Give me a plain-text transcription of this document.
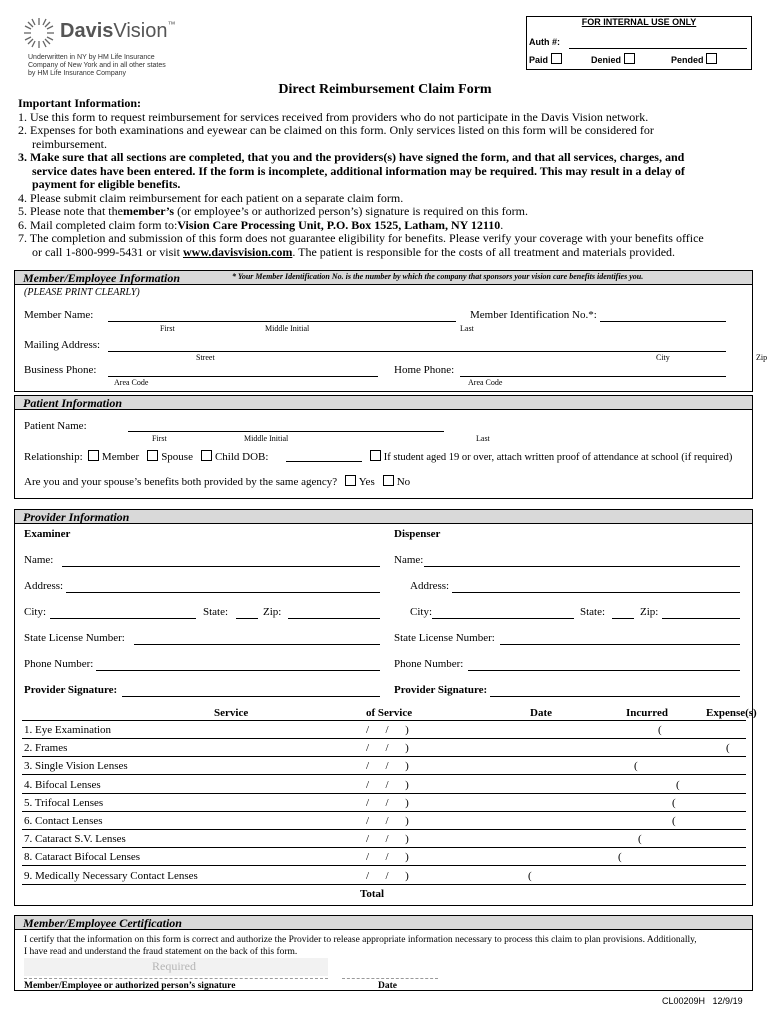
DavisVision™
Underwritten in NY by HM Life Insurance
Company of New York and in all other states
by HM Life Insurance Company
FOR INTERNAL USE ONLY
Auth #:
Paid	Denied	Pended
Direct Reimbursement Claim Form
Important Information:
1. Use this form to request reimbursement for services received from providers who do not participate in the Davis Vision network.
2. Expenses for both examinations and eyewear can be claimed on this form. Only services listed on this form will be considered for
reimbursement.
3. Make sure that all sections are completed, that you and the providers(s) have signed the form, and that all services, charges, and
service dates have been entered. If the form is incomplete, additional information may be required. This may result in a delay of
payment for eligible benefits.
4. Please submit claim reimbursement for each patient on a separate claim form.
5. Please note that themember’s (or employee’s or authorized person’s) signature is required on this form.
6. Mail completed claim form to:Vision Care Processing Unit, P.O. Box 1525, Latham, NY 12110.
7. The completion and submission of this form does not guarantee eligibility for benefits. Please verify your coverage with your benefits office
or call 1-800-999-5431 or visit www.davisvision.com. The patient is responsible for the costs of all treatment and materials provided.
Member/Employee Information	* Your Member Identification No. is the number by which the company that sponsors your vision care benefits identifies you.
(PLEASE PRINT CLEARLY)
Member Name:
First	Middle Initial	Last
Member Identification No.*:
Mailing Address:
Street	City	Zip
Business Phone:
Area Code
Home Phone:
Area Code
Patient Information
Patient Name:
First	Middle Initial	Last
Relationship: Member Spouse Child DOB:	If student aged 19 or over, attach written proof of attendance at school (if required)
Are you and your spouse’s benefits both provided by the same agency? Yes No
Provider Information
Examiner	Dispenser
Name:
Address:
City:	State:	Zip:
State License Number:
Phone Number:
Provider Signature:
Name:
Address:
City:	State:	Zip:
State License Number:
Phone Number:
Provider Signature:
Service	of Service	Date	Incurred	Expense(s)
1. Eye Examination	/      /      )	(
2. Frames	/      /      )	(
3. Single Vision Lenses	/      /      )	(
4. Bifocal Lenses	/      /      )	(
5. Trifocal Lenses	/      /      )	(
6. Contact Lenses	/      /      )	(
7. Cataract S.V. Lenses	/      /      )	(
8. Cataract Bifocal Lenses	/      /      )	(
9. Medically Necessary Contact Lenses	/      /      )	(
Total
Member/Employee Certification
I certify that the information on this form is correct and authorize the Provider to release appropriate information necessary to process this claim to plan provisions. Additionally,
I have read and understand the fraud statement on the back of this form.
Required
Member/Employee or authorized person’s signature	Date
CL00209H 12/9/19
